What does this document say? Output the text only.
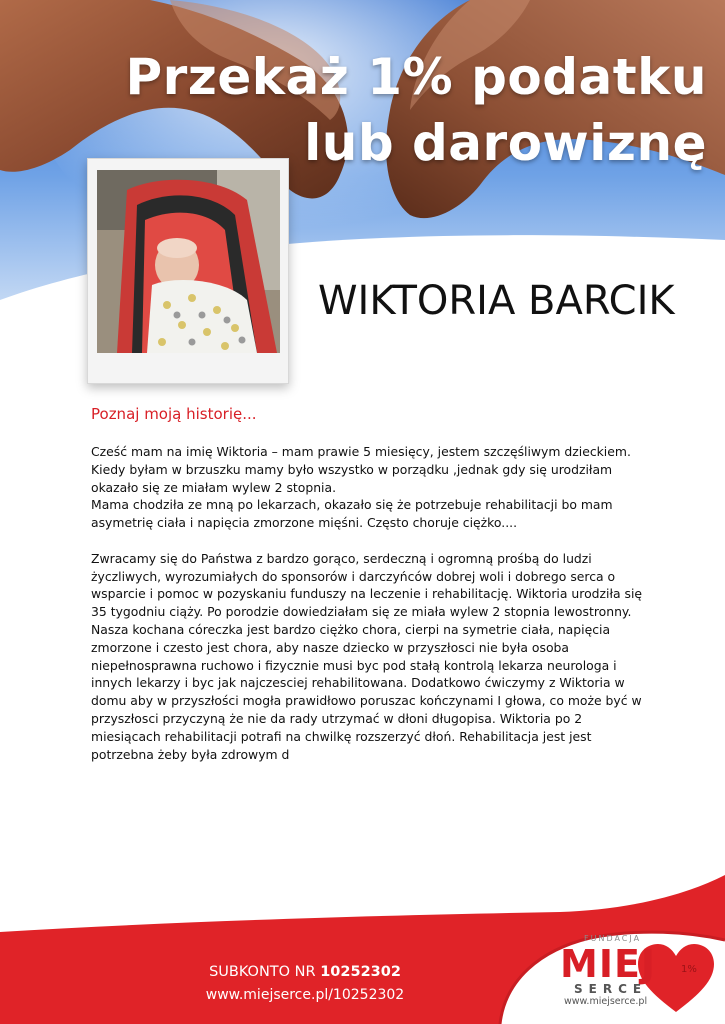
Przekaż 1% podatku
lub darowiznę
WIKTORIA BARCIK
Poznaj moją historię...

Cześć mam na imię Wiktoria – mam prawie 5 miesięcy, jestem szczęśliwym dzieckiem.
Kiedy byłam w brzuszku mamy było wszystko w porządku ,jednak gdy się urodziłam
okazało się ze miałam wylew 2 stopnia.
Mama chodziła ze mną po lekarzach, okazało się że potrzebuje rehabilitacji bo mam
asymetrię ciała i napięcia zmorzone mięśni. Często choruje ciężko....

Zwracamy się do Państwa z bardzo gorąco, serdeczną i ogromną prośbą do ludzi
życzliwych, wyrozumiałych do sponsorów i darczyńców dobrej woli i dobrego serca o
wsparcie i pomoc w pozyskaniu funduszy na leczenie i rehabilitację. Wiktoria urodziła się
35 tygodniu ciąży. Po porodzie dowiedziałam się ze miała wylew 2 stopnia lewostronny.
Nasza kochana córeczka jest bardzo ciężko chora, cierpi na symetrie ciała, napięcia
zmorzone i czesto jest chora, aby nasze dziecko w przyszłosci nie była osoba
niepełnosprawna ruchowo i fizycznie musi byc pod stałą kontrolą lekarza neurologa i
innych lekarzy i byc jak najczesciej rehabilitowana. Dodatkowo ćwiczymy z Wiktoria w
domu aby w przyszłości mogła prawidłowo poruszac kończynami I głowa, co może być w
przyszłosci przyczyną że nie da rady utrzymać w dłoni długopisa. Wiktoria po 2
miesiącach rehabilitacji potrafi na chwilkę rozszerzyć dłoń. Rehabilitacja jest jest
potrzebna żeby była zdrowym d

SUBKONTO NR 10252302
www.miejserce.pl/10252302
1%
FUNDACJA
MIEJ
SERCE
www.miejserce.pl
